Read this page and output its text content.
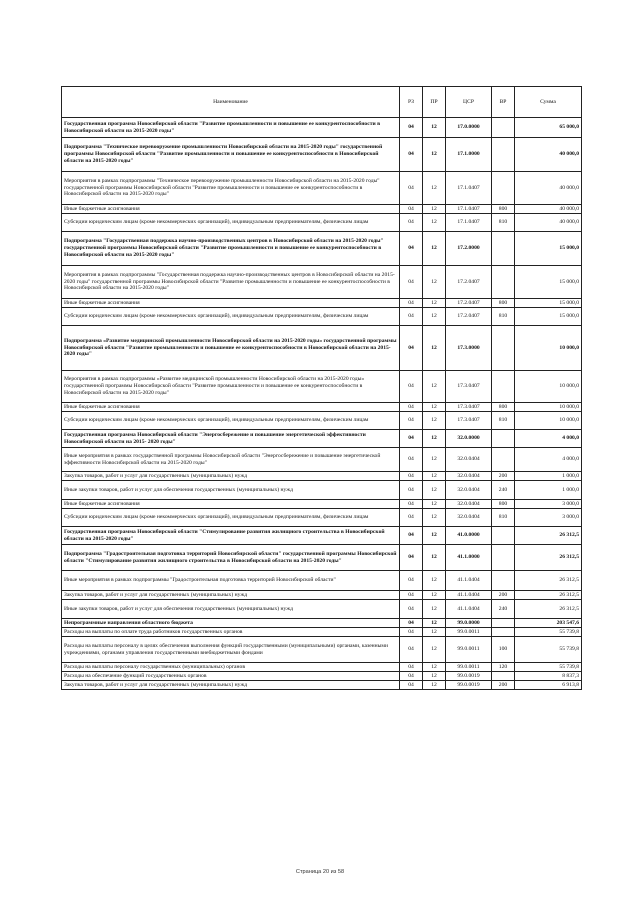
Наименование	РЗ	ПР	ЦСР	ВР	Сумма
Государственная программа Новосибирской области "Развитие промышленности и повышение ее конкурентоспособности в Новосибирской области на 2015-2020 годы"	04	12	17.0.0000		65 000,0
Подпрограмма "Техническое перевооружение промышленности Новосибирской области на 2015-2020 годы" государственной программы Новосибирской области "Развитие промышленности и повышение ее конкурентоспособности в Новосибирской области на 2015-2020 годы"	04	12	17.1.0000		40 000,0
Мероприятия в рамках подпрограммы "Техническое перевооружение промышленности Новосибирской области на 2015-2020 годы" государственной программы Новосибирской области "Развитие промышленности и повышение ее конкурентоспособности в Новосибирской области на 2015-2020 годы"	04	12	17.1.0407		40 000,0
Иные бюджетные ассигнования	04	12	17.1.0407	800	40 000,0
Субсидии юридическим лицам (кроме некоммерческих организаций), индивидуальным предпринимателям, физическим лицам	04	12	17.1.0407	810	40 000,0
Подпрограмма "Государственная поддержка научно-производственных центров в Новосибирской области на 2015-2020 годы" государственной программы Новосибирской области "Развитие промышленности и повышение ее конкурентоспособности в Новосибирской области на 2015-2020 годы"	04	12	17.2.0000		15 000,0
Мероприятия в рамках подпрограммы "Государственная поддержка научно-производственных центров в Новосибирской области на 2015-2020 годы" государственной программы Новосибирской области "Развитие промышленности и повышение ее конкурентоспособности в Новосибирской области на 2015-2020 годы"	04	12	17.2.0407		15 000,0
Иные бюджетные ассигнования	04	12	17.2.0407	800	15 000,0
Субсидии юридическим лицам (кроме некоммерческих организаций), индивидуальным предпринимателям, физическим лицам	04	12	17.2.0407	810	15 000,0
Подпрограмма «Развитие медицинской промышленности Новосибирской области на 2015-2020 годы» государственной программы Новосибирской области "Развитие промышленности и повышение ее конкурентоспособности в Новосибирской области на 2015-2020 годы"	04	12	17.3.0000		10 000,0
Мероприятия в рамках подпрограммы «Развитие медицинской промышленности Новосибирской области на 2015-2020 годы» государственной программы Новосибирской области "Развитие промышленности и повышение ее конкурентоспособности в Новосибирской области на 2015-2020 годы"	04	12	17.3.0407		10 000,0
Иные бюджетные ассигнования	04	12	17.3.0407	800	10 000,0
Субсидии юридическим лицам (кроме некоммерческих организаций), индивидуальным предпринимателям, физическим лицам	04	12	17.3.0407	810	10 000,0
Государственная программа Новосибирской области "Энергосбережение и повышение энергетической эффективности Новосибирской области на 2015- 2020 годы"	04	12	32.0.0000		4 000,0
Иные мероприятия в рамках государственной программы Новосибирской области "Энергосбережение и повышение энергетической эффективности Новосибирской области на 2015-2020 годы"	04	12	32.0.0404		4 000,0
Закупка товаров, работ и услуг для государственных (муниципальных) нужд	04	12	32.0.0404	200	1 000,0
Иные закупки товаров, работ и услуг для обеспечения государственных (муниципальных) нужд	04	12	32.0.0404	240	1 000,0
Иные бюджетные ассигнования	04	12	32.0.0404	800	3 000,0
Субсидии юридическим лицам (кроме некоммерческих организаций), индивидуальным предпринимателям, физическим лицам	04	12	32.0.0404	810	3 000,0
Государственная программа Новосибирской области "Стимулирование развития жилищного строительства в Новосибирской области на 2015-2020 годы"	04	12	41.0.0000		26 312,5
Подпрограмма "Градостроительная подготовка территорий Новосибирской области" государственной программы Новосибирской области "Стимулирование развития жилищного строительства в Новосибирской области на 2015-2020 годы"	04	12	41.1.0000		26 312,5
Иные мероприятия в рамках подпрограммы "Градостроительная подготовка территорий Новосибирской области"	04	12	41.1.0404		26 312,5
Закупка товаров, работ и услуг для государственных (муниципальных) нужд	04	12	41.1.0404	200	26 312,5
Иные закупки товаров, работ и услуг для обеспечения государственных (муниципальных) нужд	04	12	41.1.0404	240	26 312,5
Непрограммные направления областного бюджета	04	12	99.0.0000		203 547,6
Расходы на выплаты по оплате труда работников государственных органов	04	12	99.0.0011		55 739,8
Расходы на выплаты персоналу в целях обеспечения выполнения функций государственными (муниципальными) органами, казенными учреждениями, органами управления государственными внебюджетными фондами	04	12	99.0.0011	100	55 739,8
Расходы на выплаты персоналу государственных (муниципальных) органов	04	12	99.0.0011	120	55 739,8
Расходы на обеспечение функций государственных органов	04	12	99.0.0019		8 837,3
Закупка товаров, работ и услуг для государственных (муниципальных) нужд	04	12	99.0.0019	200	6 913,8
Страница 20 из 58
